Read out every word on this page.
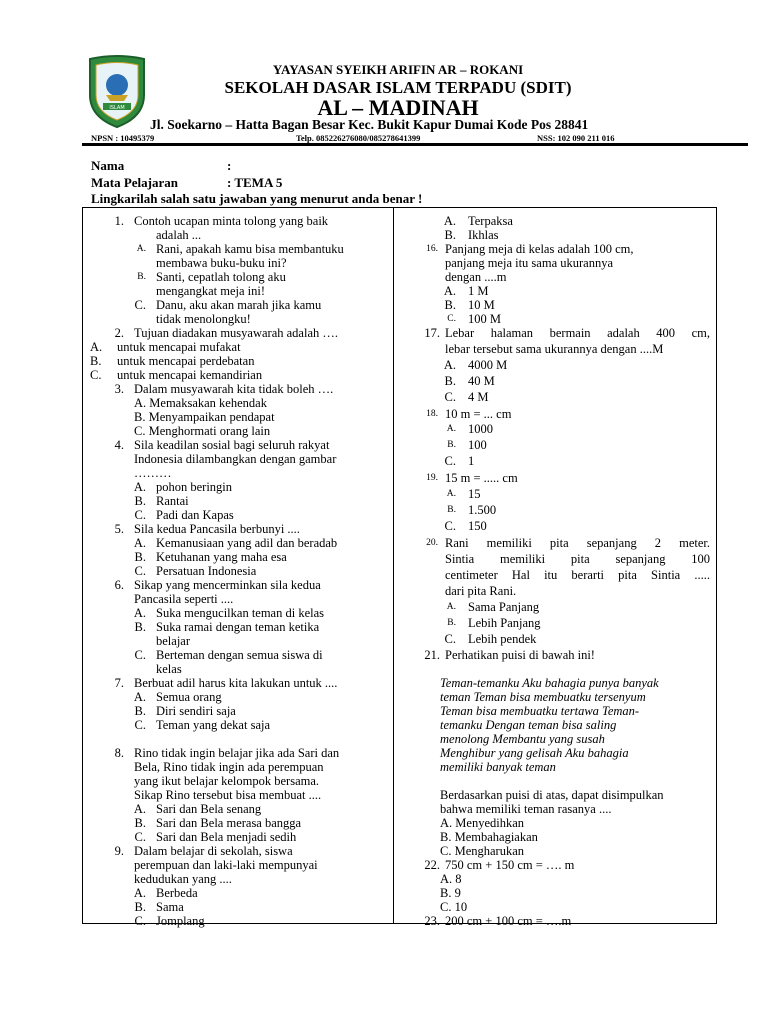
ISLAM
YAYASAN SYEIKH ARIFIN AR – ROKANI
SEKOLAH DASAR ISLAM TERPADU (SDIT)
AL – MADINAH
Jl. Soekarno – Hatta Bagan Besar Kec. Bukit Kapur Dumai Kode Pos 28841
NPSN : 10495379	Telp. 085226276080/085278641399	NSS: 102 090 211 016
Nama	:
Mata Pelajaran	: TEMA 5
Lingkarilah salah satu jawaban yang menurut anda benar !
1. Contoh ucapan minta tolong yang baik
adalah ...
A. Rani, apakah kamu bisa membantuku
membawa buku-buku ini?
B. Santi, cepatlah tolong aku
mengangkat meja ini!
C. Danu, aku akan marah jika kamu
tidak menolongku!
2. Tujuan diadakan musyawarah adalah ….
A.	untuk mencapai mufakat
B.	untuk mencapai perdebatan
C.	untuk mencapai kemandirian
3. Dalam musyawarah kita tidak boleh ….
A. Memaksakan kehendak
B. Menyampaikan pendapat
C. Menghormati orang lain
4. Sila keadilan sosial bagi seluruh rakyat
Indonesia dilambangkan dengan gambar
………
A. pohon beringin
B. Rantai
C. Padi dan Kapas
5. Sila kedua Pancasila berbunyi ....
A. Kemanusiaan yang adil dan beradab
B. Ketuhanan yang maha esa
C. Persatuan Indonesia
6. Sikap yang mencerminkan sila kedua
Pancasila seperti ....
A. Suka mengucilkan teman di kelas
B. Suka ramai dengan teman ketika
belajar
C. Berteman dengan semua siswa di
kelas
7. Berbuat adil harus kita lakukan untuk ....
A. Semua orang
B. Diri sendiri saja
C. Teman yang dekat saja
8. Rino tidak ingin belajar jika ada Sari dan
Bela, Rino tidak ingin ada perempuan
yang ikut belajar kelompok bersama.
Sikap Rino tersebut bisa membuat ....
A. Sari dan Bela senang
B. Sari dan Bela merasa bangga
C. Sari dan Bela menjadi sedih
9. Dalam belajar di sekolah, siswa
perempuan dan laki-laki mempunyai
kedudukan yang ....
A. Berbeda
B. Sama
C. Jomplang
A. Terpaksa
B. Ikhlas
16. Panjang meja di kelas adalah 100 cm,
panjang meja itu sama ukurannya
dengan ....m
A. 1 M
B. 10 M
C. 100 M
17. Lebar halaman bermain adalah 400 cm,
lebar tersebut sama ukurannya dengan ....M
A. 4000 M
B. 40 M
C. 4 M
18. 10 m = ... cm
A. 1000
B. 100
C. 1
19. 15 m = ..... cm
A. 15
B. 1.500
C. 150
20. Rani memiliki pita sepanjang 2 meter.
Sintia memiliki pita sepanjang 100
centimeter Hal itu berarti pita Sintia .....
dari pita Rani.
A. Sama Panjang
B. Lebih Panjang
C. Lebih pendek
21. Perhatikan puisi di bawah ini!
Teman-temanku Aku bahagia punya banyak
teman Teman bisa membuatku tersenyum
Teman bisa membuatku tertawa Teman-
temanku Dengan teman bisa saling
menolong Membantu yang susah
Menghibur yang gelisah Aku bahagia
memiliki banyak teman
Berdasarkan puisi di atas, dapat disimpulkan
bahwa memiliki teman rasanya ....
A. Menyedihkan
B. Membahagiakan
C. Mengharukan
22. 750 cm + 150 cm = …. m
A. 8
B. 9
C. 10
23. 200 cm + 100 cm = ….m
